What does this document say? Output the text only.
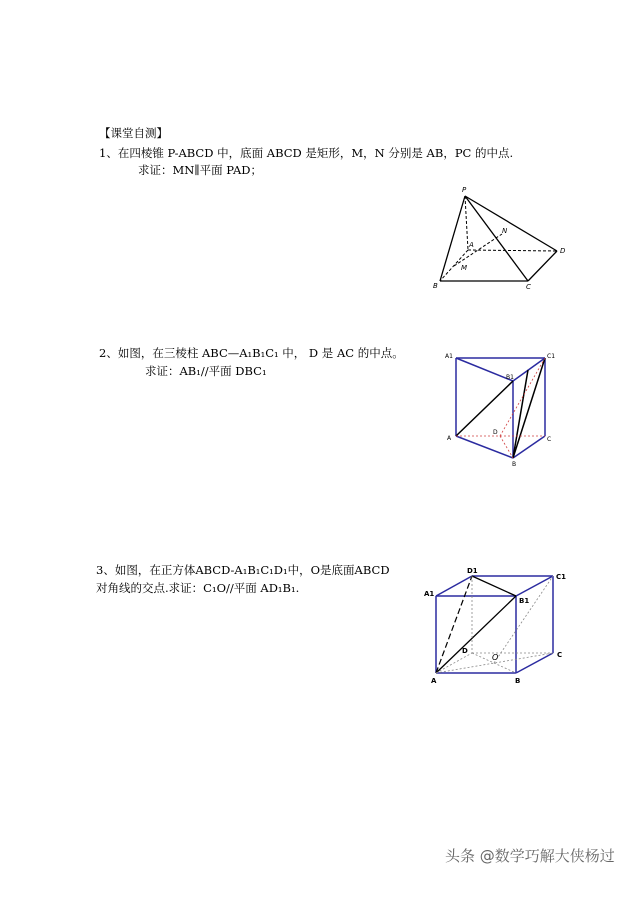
【课堂自测】
1、在四棱锥 P-ABCD 中，底面 ABCD 是矩形，M，N 分别是 AB，PC 的中点.
求证：MN∥平面 PAD；
P
A
N
M
D
B	C
2、如图，在三棱柱 ABC—A₁B₁C₁ 中， D 是 AC 的中点。
求证：AB₁//平面 DBC₁
A1	C1
B1
D
A	C
B
3、如图，在正方体ABCD-A₁B₁C₁D₁中，O是底面ABCD
对角线的交点.求证：C₁O//平面 AD₁B₁.
D1
C1
A1
B1
D
O	C
A	B
头条 @数学巧解大侠杨过
